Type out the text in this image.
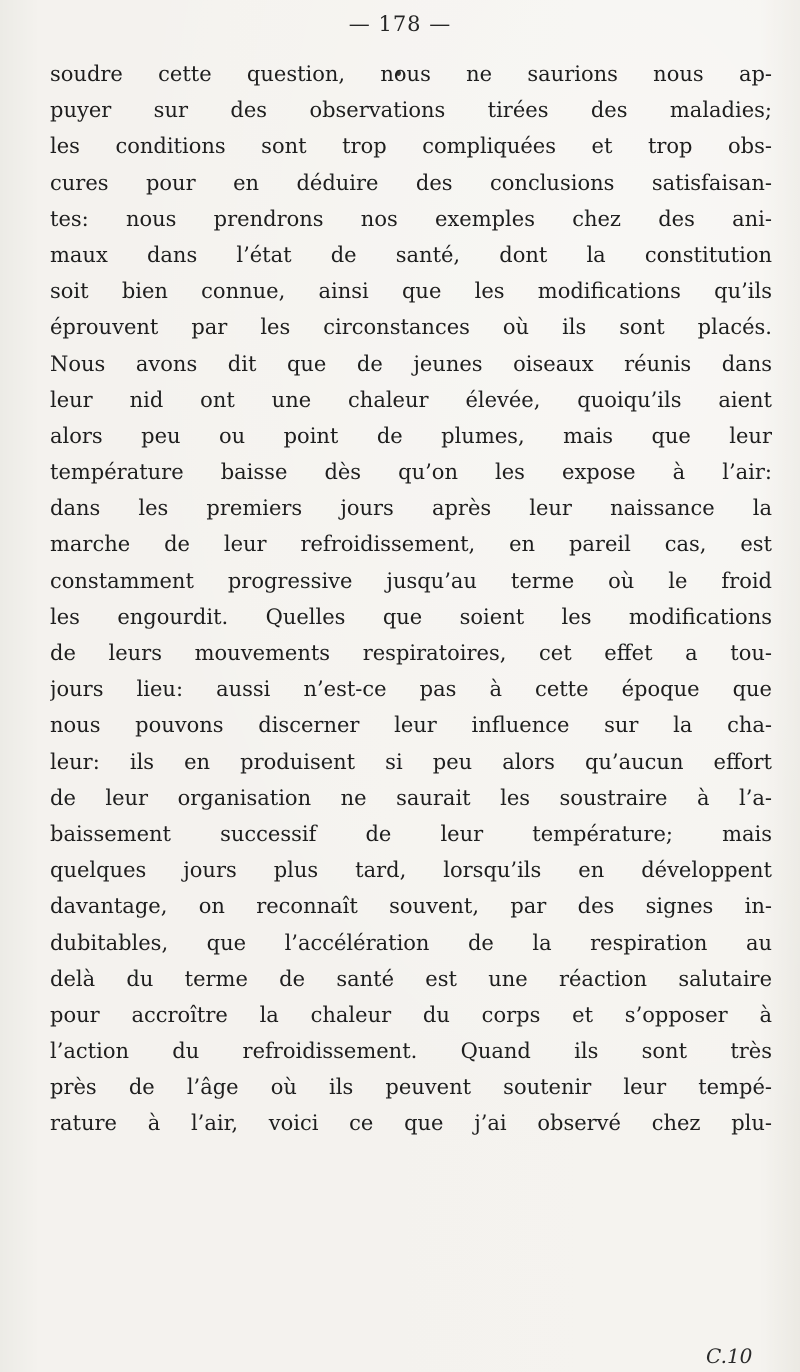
— 178 —
soudre cette question, nous ne saurions nous ap-
puyer sur des observations tirées des maladies;
les conditions sont trop compliquées et trop obs-
cures pour en déduire des conclusions satisfaisan-
tes: nous prendrons nos exemples chez des ani-
maux dans l’état de santé, dont la constitution
soit bien connue, ainsi que les modifications qu’ils
éprouvent par les circonstances où ils sont placés.
Nous avons dit que de jeunes oiseaux réunis dans
leur nid ont une chaleur élevée, quoiqu’ils aient
alors peu ou point de plumes, mais que leur
température baisse dès qu’on les expose à l’air:
dans les premiers jours après leur naissance la
marche de leur refroidissement, en pareil cas, est
constamment progressive jusqu’au terme où le froid
les engourdit. Quelles que soient les modifications
de leurs mouvements respiratoires, cet effet a tou-
jours lieu: aussi n’est-ce pas à cette époque que
nous pouvons discerner leur influence sur la cha-
leur: ils en produisent si peu alors qu’aucun effort
de leur organisation ne saurait les soustraire à l’a-
baissement successif de leur température; mais
quelques jours plus tard, lorsqu’ils en développent
davantage, on reconnaît souvent, par des signes in-
dubitables, que l’accélération de la respiration au
delà du terme de santé est une réaction salutaire
pour accroître la chaleur du corps et s’opposer à
l’action du refroidissement. Quand ils sont très
près de l’âge où ils peuvent soutenir leur tempé-
rature à l’air, voici ce que j’ai observé chez plu-
C.10
